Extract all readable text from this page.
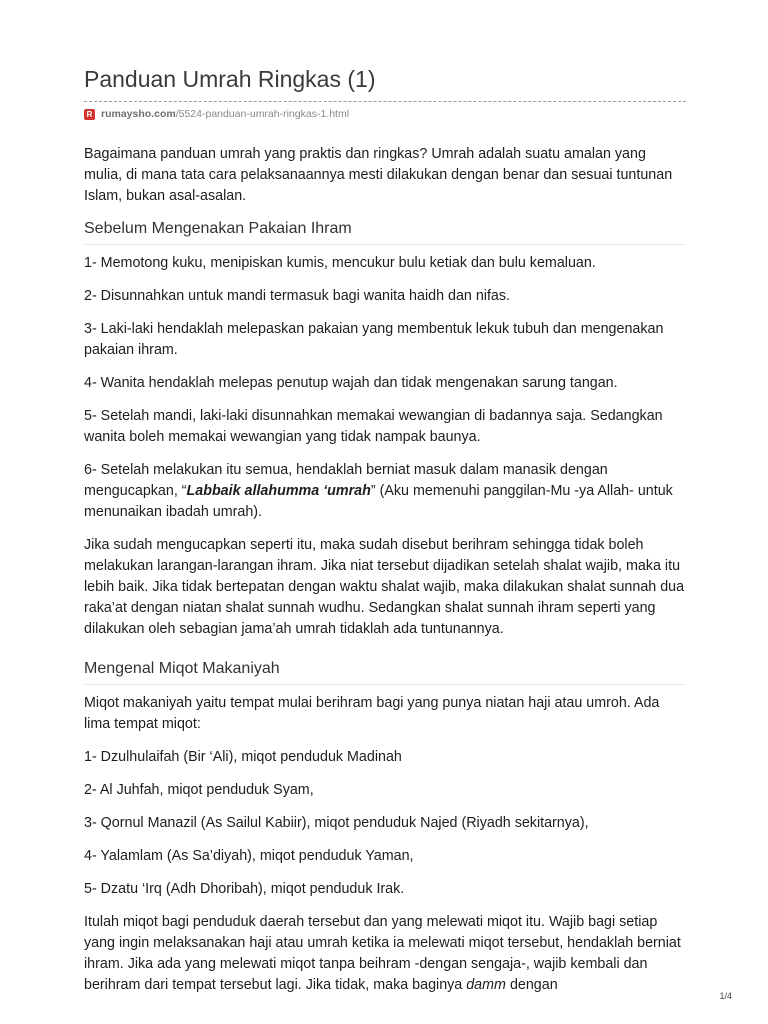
Panduan Umrah Ringkas (1)
R rumaysho.com /5524-panduan-umrah-ringkas-1.html

Bagaimana panduan umrah yang praktis dan ringkas? Umrah adalah suatu amalan yang mulia, di mana tata cara pelaksanaannya mesti dilakukan dengan benar dan sesuai tuntunan Islam, bukan asal-asalan.

Sebelum Mengenakan Pakaian Ihram

1- Memotong kuku, menipiskan kumis, mencukur bulu ketiak dan bulu kemaluan.

2- Disunnahkan untuk mandi termasuk bagi wanita haidh dan nifas.

3- Laki-laki hendaklah melepaskan pakaian yang membentuk lekuk tubuh dan mengenakan pakaian ihram.

4- Wanita hendaklah melepas penutup wajah dan tidak mengenakan sarung tangan.

5- Setelah mandi, laki-laki disunnahkan memakai wewangian di badannya saja. Sedangkan wanita boleh memakai wewangian yang tidak nampak baunya.

6- Setelah melakukan itu semua, hendaklah berniat masuk dalam manasik dengan mengucapkan, “Labbaik allahumma ‘umrah” (Aku memenuhi panggilan-Mu -ya Allah- untuk menunaikan ibadah umrah).

Jika sudah mengucapkan seperti itu, maka sudah disebut berihram sehingga tidak boleh melakukan larangan-larangan ihram. Jika niat tersebut dijadikan setelah shalat wajib, maka itu lebih baik. Jika tidak bertepatan dengan waktu shalat wajib, maka dilakukan shalat sunnah dua raka’at dengan niatan shalat sunnah wudhu. Sedangkan shalat sunnah ihram seperti yang dilakukan oleh sebagian jama’ah umrah tidaklah ada tuntunannya.

Mengenal Miqot Makaniyah

Miqot makaniyah yaitu tempat mulai berihram bagi yang punya niatan haji atau umroh. Ada lima tempat miqot:

1- Dzulhulaifah (Bir ‘Ali), miqot penduduk Madinah

2- Al Juhfah, miqot penduduk Syam,

3- Qornul Manazil (As Sailul Kabiir), miqot penduduk Najed (Riyadh sekitarnya),

4- Yalamlam (As Sa’diyah), miqot penduduk Yaman,

5- Dzatu ‘Irq (Adh Dhoribah), miqot penduduk Irak.

Itulah miqot bagi penduduk daerah tersebut dan yang melewati miqot itu. Wajib bagi setiap yang ingin melaksanakan haji atau umrah ketika ia melewati miqot tersebut, hendaklah berniat ihram. Jika ada yang melewati miqot tanpa beihram -dengan sengaja-, wajib kembali dan berihram dari tempat tersebut lagi. Jika tidak, maka baginya damm dengan

1/4
